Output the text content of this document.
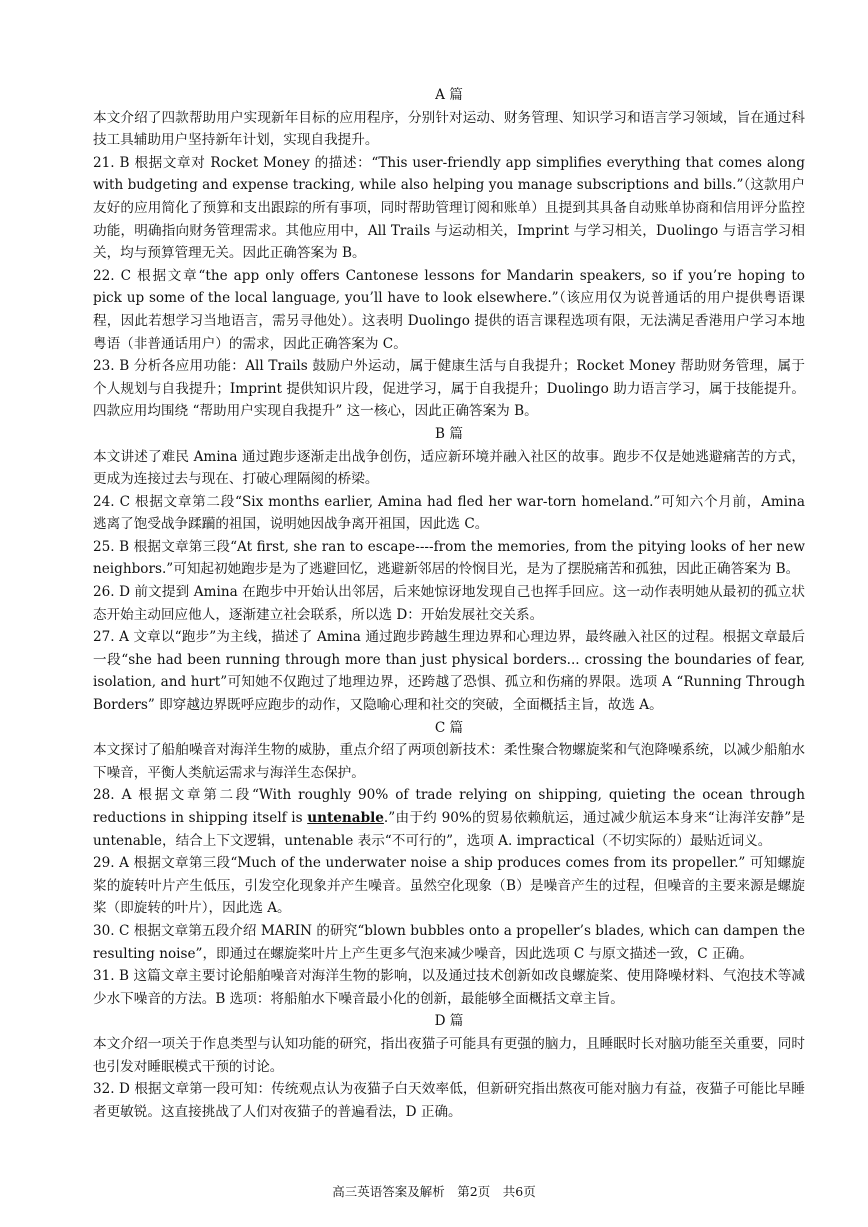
A 篇

本文介绍了四款帮助用户实现新年目标的应用程序，分别针对运动、财务管理、知识学习和语言学习领域，旨在通过科技工具辅助用户坚持新年计划，实现自我提升。

21. B 根据文章对 Rocket Money 的描述：“This user-friendly app simplifies everything that comes along with budgeting and expense tracking, while also helping you manage subscriptions and bills.”（这款用户友好的应用简化了预算和支出跟踪的所有事项，同时帮助管理订阅和账单）且提到其具备自动账单协商和信用评分监控功能，明确指向财务管理需求。其他应用中，All Trails 与运动相关，Imprint 与学习相关，Duolingo 与语言学习相关，均与预算管理无关。因此正确答案为 B。

22. C 根据文章“the app only offers Cantonese lessons for Mandarin speakers, so if you’re hoping to pick up some of the local language, you’ll have to look elsewhere.”（该应用仅为说普通话的用户提供粤语课程，因此若想学习当地语言，需另寻他处）。这表明 Duolingo 提供的语言课程选项有限，无法满足香港用户学习本地粤语（非普通话用户）的需求，因此正确答案为 C。

23. B 分析各应用功能：All Trails 鼓励户外运动，属于健康生活与自我提升；Rocket Money 帮助财务管理，属于个人规划与自我提升；Imprint 提供知识片段，促进学习，属于自我提升；Duolingo 助力语言学习，属于技能提升。四款应用均围绕 “帮助用户实现自我提升” 这一核心，因此正确答案为 B。

B 篇

本文讲述了难民 Amina 通过跑步逐渐走出战争创伤，适应新环境并融入社区的故事。跑步不仅是她逃避痛苦的方式，更成为连接过去与现在、打破心理隔阂的桥梁。

24. C 根据文章第二段“Six months earlier, Amina had fled her war-torn homeland.”可知六个月前，Amina 逃离了饱受战争蹂躏的祖国，说明她因战争离开祖国，因此选 C。

25. B 根据文章第三段“At first, she ran to escape----from the memories, from the pitying looks of her new neighbors.”可知起初她跑步是为了逃避回忆，逃避新邻居的怜悯目光，是为了摆脱痛苦和孤独，因此正确答案为 B。

26. D 前文提到 Amina 在跑步中开始认出邻居，后来她惊讶地发现自己也挥手回应。这一动作表明她从最初的孤立状态开始主动回应他人，逐渐建立社会联系，所以选 D：开始发展社交关系。

27. A 文章以“跑步”为主线，描述了 Amina 通过跑步跨越生理边界和心理边界，最终融入社区的过程。根据文章最后一段“she had been running through more than just physical borders... crossing the boundaries of fear, isolation, and hurt”可知她不仅跑过了地理边界，还跨越了恐惧、孤立和伤痛的界限。选项 A “Running Through Borders” 即穿越边界既呼应跑步的动作，又隐喻心理和社交的突破，全面概括主旨，故选 A。

C 篇

本文探讨了船舶噪音对海洋生物的威胁，重点介绍了两项创新技术：柔性聚合物螺旋桨和气泡降噪系统，以减少船舶水下噪音，平衡人类航运需求与海洋生态保护。

28. A 根据文章第二段“With roughly 90% of trade relying on shipping, quieting the ocean through reductions in shipping itself is untenable.”由于约 90%的贸易依赖航运，通过减少航运本身来“让海洋安静”是 untenable，结合上下文逻辑，untenable 表示“不可行的”，选项 A. impractical（不切实际的）最贴近词义。

29. A 根据文章第三段“Much of the underwater noise a ship produces comes from its propeller.” 可知螺旋桨的旋转叶片产生低压，引发空化现象并产生噪音。虽然空化现象（B）是噪音产生的过程，但噪音的主要来源是螺旋桨（即旋转的叶片），因此选 A。

30. C 根据文章第五段介绍 MARIN 的研究“blown bubbles onto a propeller’s blades, which can dampen the resulting noise”，即通过在螺旋桨叶片上产生更多气泡来减少噪音，因此选项 C 与原文描述一致，C 正确。

31. B 这篇文章主要讨论船舶噪音对海洋生物的影响，以及通过技术创新如改良螺旋桨、使用降噪材料、气泡技术等减少水下噪音的方法。B 选项：将船舶水下噪音最小化的创新，最能够全面概括文章主旨。

D 篇

本文介绍一项关于作息类型与认知功能的研究，指出夜猫子可能具有更强的脑力，且睡眠时长对脑功能至关重要，同时也引发对睡眠模式干预的讨论。

32. D 根据文章第一段可知：传统观点认为夜猫子白天效率低，但新研究指出熬夜可能对脑力有益，夜猫子可能比早睡者更敏锐。这直接挑战了人们对夜猫子的普遍看法，D 正确。

高三英语答案及解析　第2页　共6页
